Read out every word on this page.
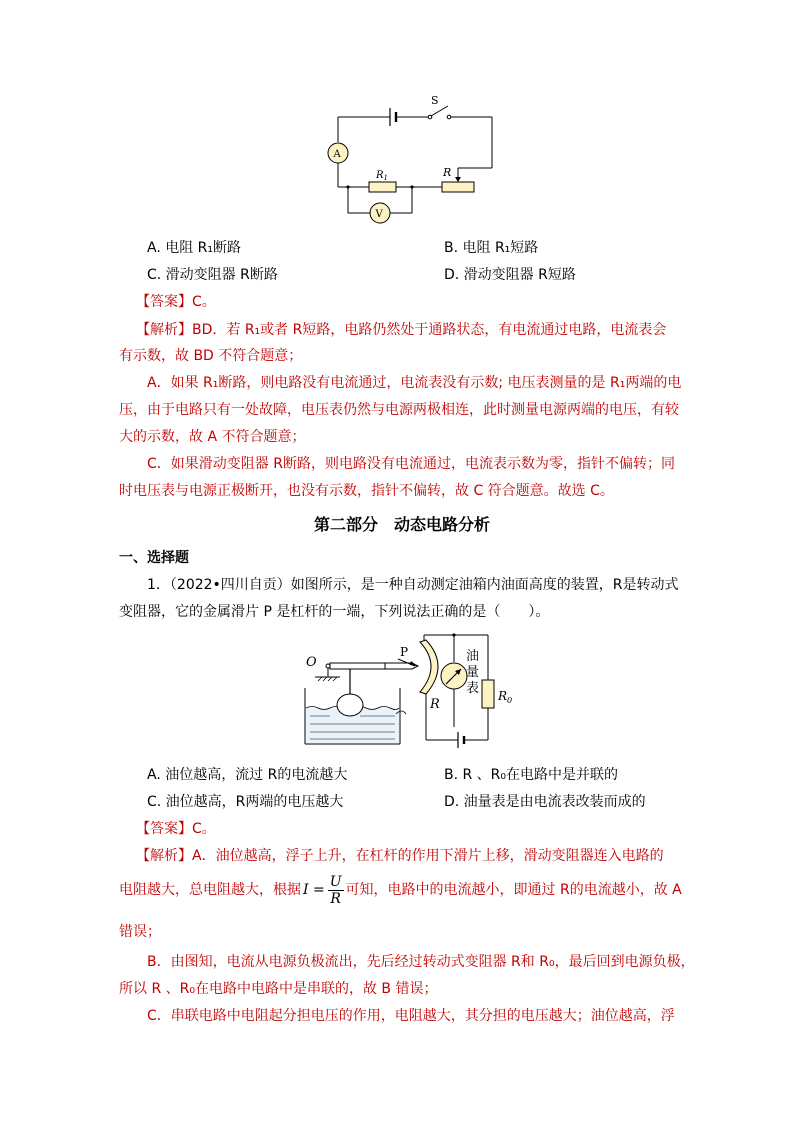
S
A
$R_1$	R
V
A. 电阻 R₁断路	B. 电阻 R₁短路
C. 滑动变阻器 R断路	D. 滑动变阻器 R短路
【答案】C。
【解析】BD．若 R₁或者 R短路，电路仍然处于通路状态，有电流通过电路，电流表会
有示数，故 BD 不符合题意；
A．如果 R₁断路，则电路没有电流通过，电流表没有示数; 电压表测量的是 R₁两端的电
压，由于电路只有一处故障，电压表仍然与电源两极相连，此时测量电源两端的电压，有较
大的示数，故 A 不符合题意；
C．如果滑动变阻器 R断路，则电路没有电流通过，电流表示数为零，指针不偏转；同
时电压表与电源正极断开，也没有示数，指针不偏转，故 C 符合题意。故选 C。
第二部分　动态电路分析
一、选择题
1．（2022•四川自贡）如图所示，是一种自动测定油箱内油面高度的装置，R是转动式
变阻器，它的金属滑片 P 是杠杆的一端，下列说法正确的是（　　）。
O
P
R
油
量
表 $R_0$
A. 油位越高，流过 R的电流越大	B. R 、R₀在电路中是并联的
C. 油位越高，R两端的电压越大	D. 油量表是由电流表改装而成的
【答案】C。
【解析】A．油位越高，浮子上升，在杠杆的作用下滑片上移，滑动变阻器连入电路的
电阻越大，总电阻越大，根据 $I = \frac{U}{R}$ 可知，电路中的电流越小，即通过 R的电流越小，故 A
错误；
B．由图知，电流从电源负极流出，先后经过转动式变阻器 R和 R₀，最后回到电源负极，
所以 R 、R₀在电路中电路中是串联的，故 B 错误；
C．串联电路中电阻起分担电压的作用，电阻越大，其分担的电压越大；油位越高，浮
